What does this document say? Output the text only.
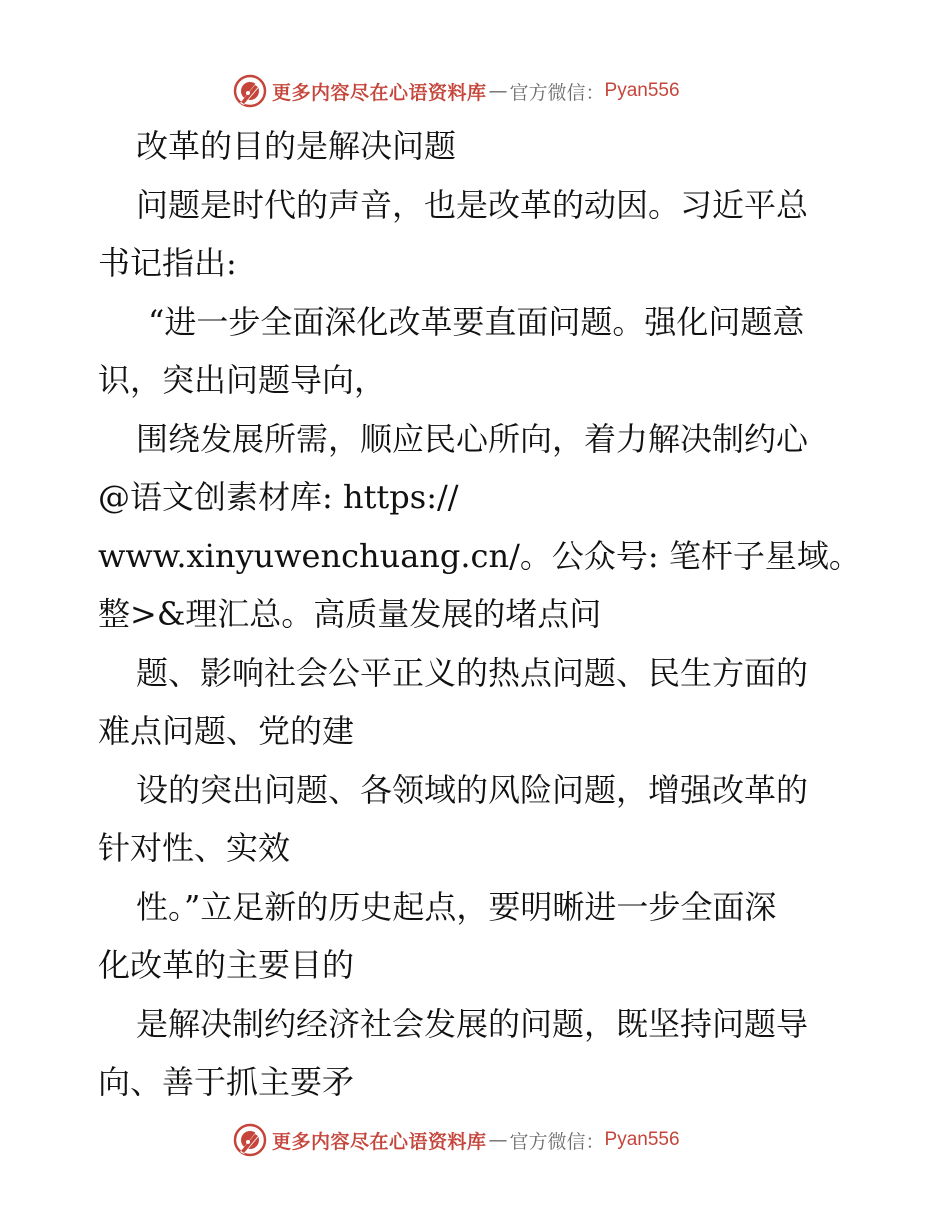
更多内容尽在心语资料库 — 官方微信： Pyan556
改革的目的是解决问题
问题是时代的声音，也是改革的动因。习近平总
书记指出:
“进一步全面深化改革要直面问题。强化问题意
识，突出问题导向，
围绕发展所需，顺应民心所向，着力解决制约心
@语文创素材库: https://
www.xinyuwenchuang.cn/。公众号: 笔杆子星域。
整>&理汇总。高质量发展的堵点问
题、影响社会公平正义的热点问题、民生方面的
难点问题、党的建
设的突出问题、各领域的风险问题，增强改革的
针对性、实效
性。”立足新的历史起点，要明晰进一步全面深
化改革的主要目的
是解决制约经济社会发展的问题，既坚持问题导
向、善于抓主要矛
更多内容尽在心语资料库 — 官方微信： Pyan556
